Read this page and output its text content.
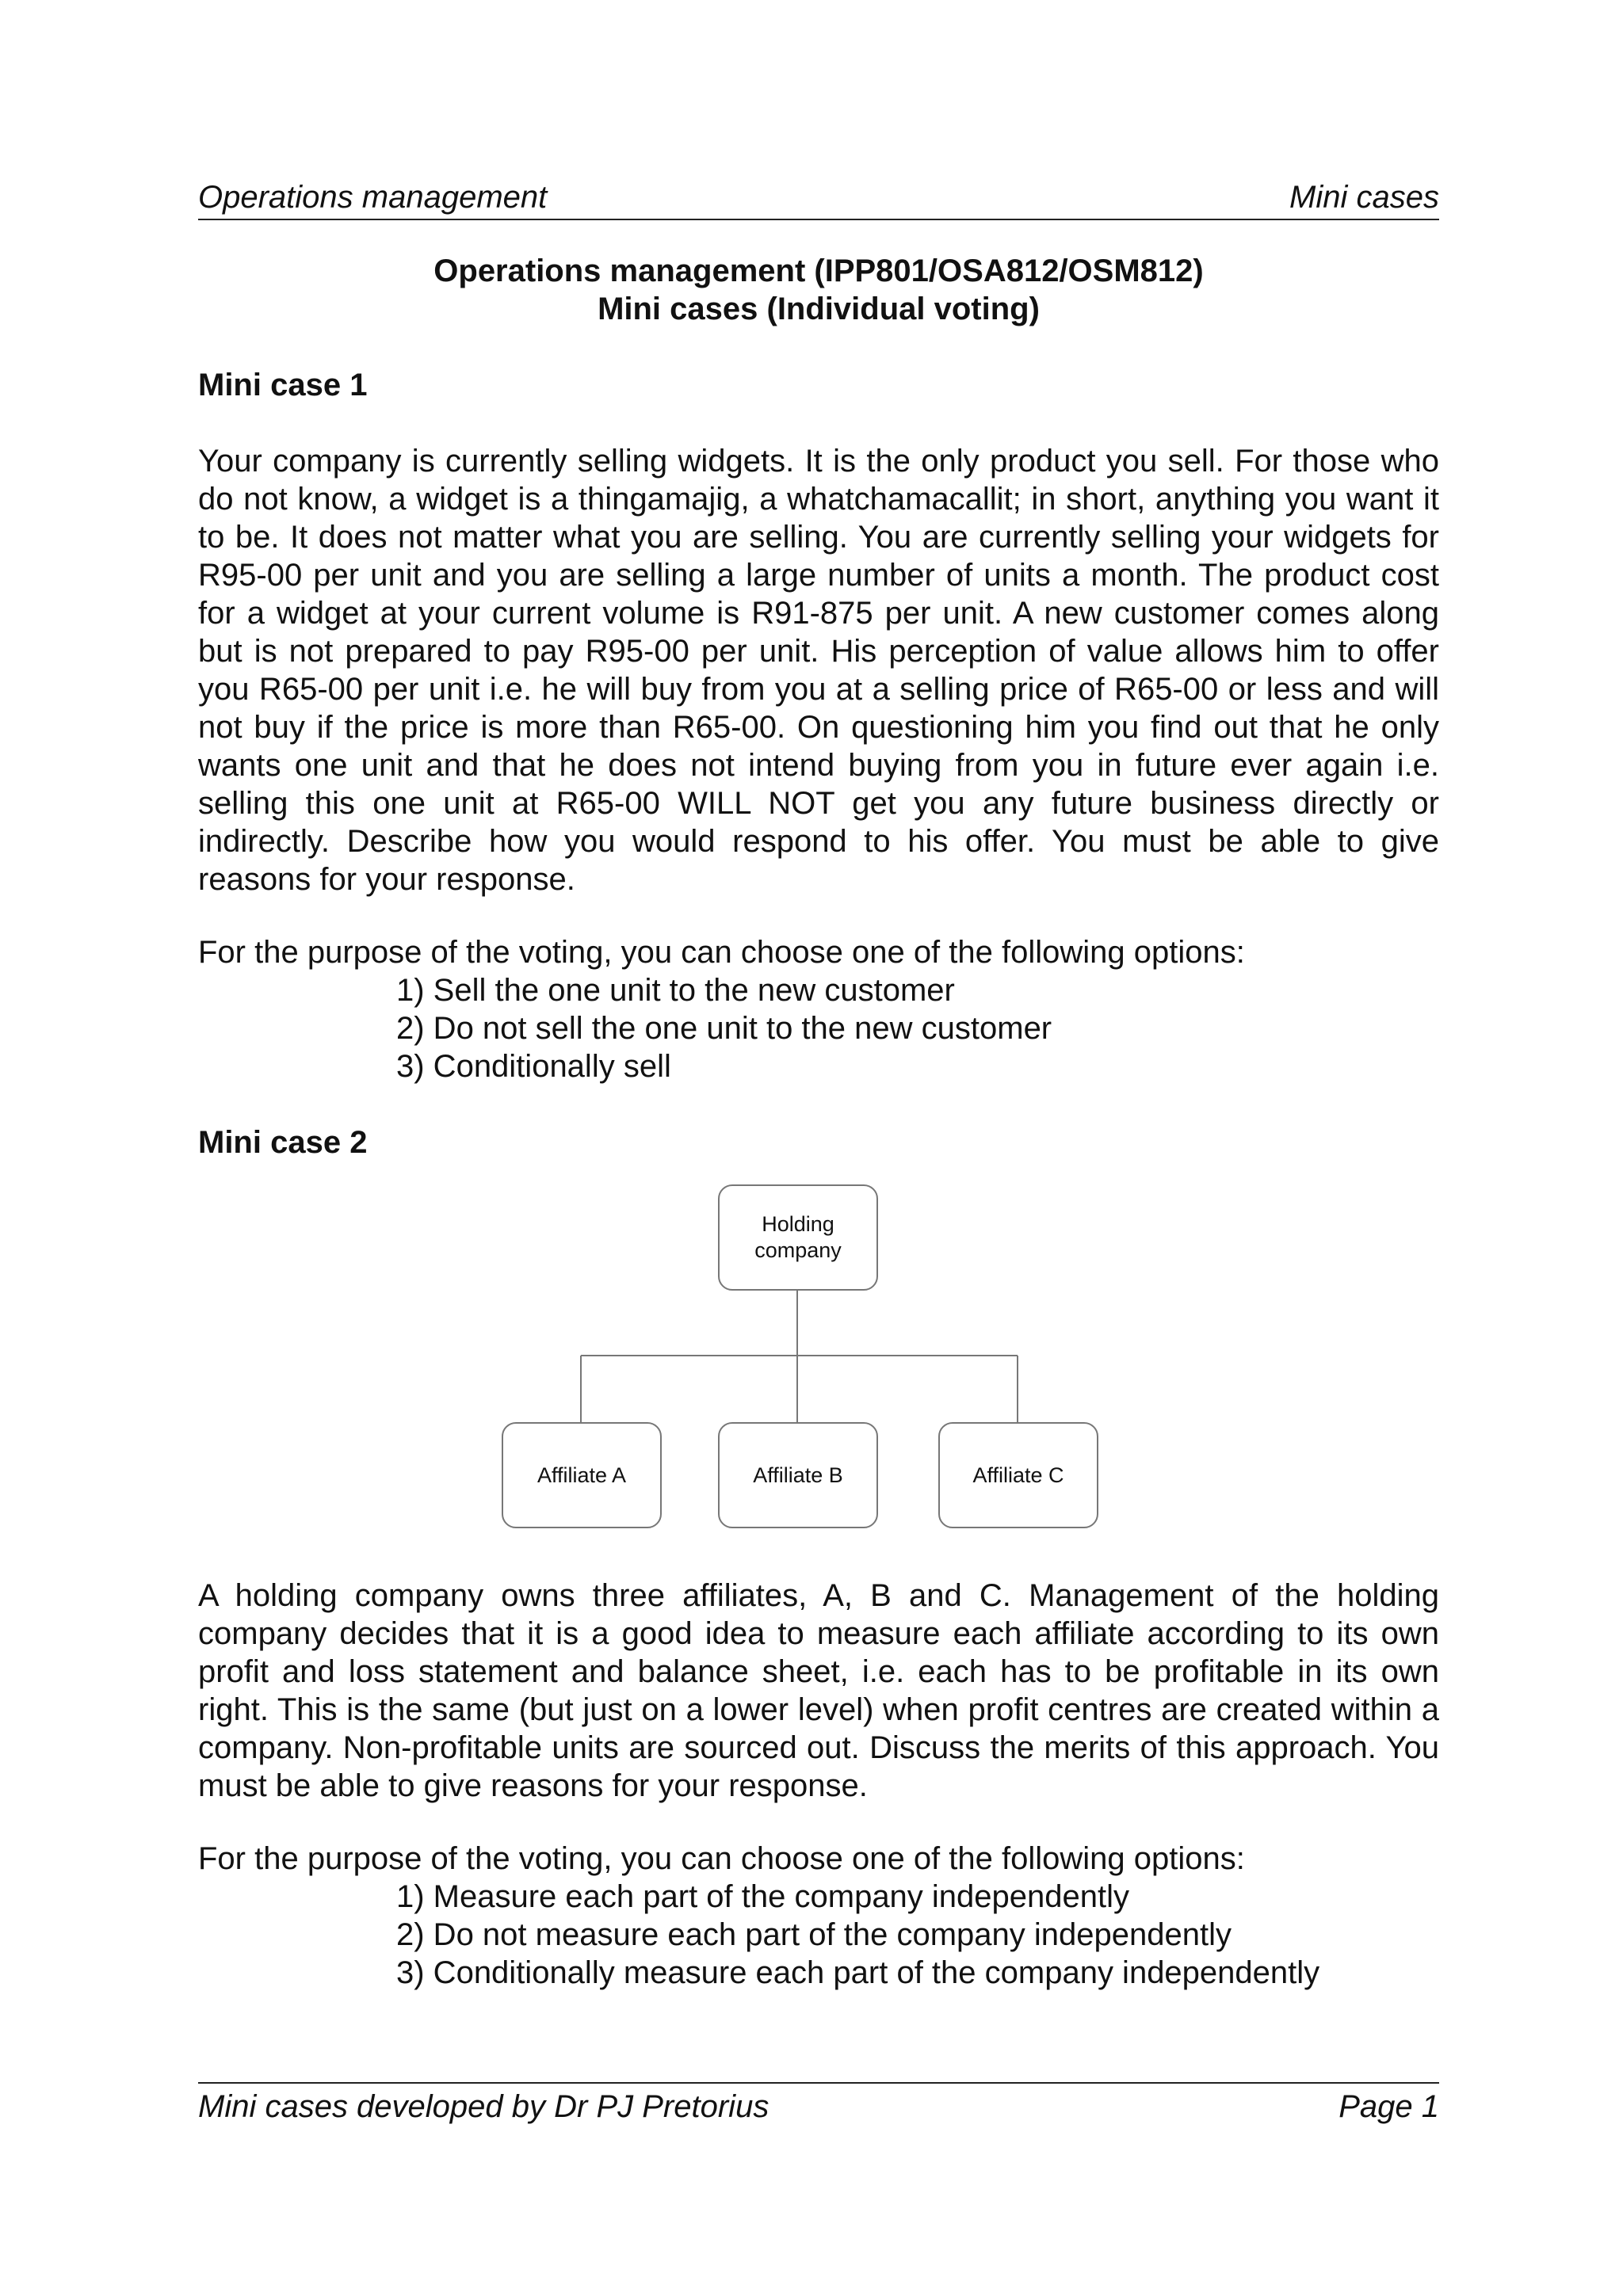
Operations management	Mini cases
Operations management (IPP801/OSA812/OSM812)
Mini cases (Individual voting)
Mini case 1

Your company is currently selling widgets. It is the only product you sell. For those who do not know, a widget is a thingamajig, a whatchamacallit; in short, anything you want it to be. It does not matter what you are selling. You are currently selling your widgets for R95-00 per unit and you are selling a large number of units a month. The product cost for a widget at your current volume is R91-875 per unit. A new customer comes along but is not prepared to pay R95-00 per unit. His perception of value allows him to offer you R65-00 per unit i.e. he will buy from you at a selling price of R65-00 or less and will not buy if the price is more than R65-00. On questioning him you find out that he only wants one unit and that he does not intend buying from you in future ever again i.e. selling this one unit at R65-00 WILL NOT get you any future business directly or indirectly. Describe how you would respond to his offer. You must be able to give reasons for your response.

For the purpose of the voting, you can choose one of the following options:
1) Sell the one unit to the new customer
2) Do not sell the one unit to the new customer
3) Conditionally sell
Mini case 2
Holding company
Affiliate A	Affiliate B	Affiliate C

A holding company owns three affiliates, A, B and C. Management of the holding company decides that it is a good idea to measure each affiliate according to its own profit and loss statement and balance sheet, i.e. each has to be profitable in its own right. This is the same (but just on a lower level) when profit centres are created within a company. Non-profitable units are sourced out. Discuss the merits of this approach. You must be able to give reasons for your response.

For the purpose of the voting, you can choose one of the following options:
1) Measure each part of the company independently
2) Do not measure each part of the company independently
3) Conditionally measure each part of the company independently
Mini cases developed by Dr PJ Pretorius	Page 1
